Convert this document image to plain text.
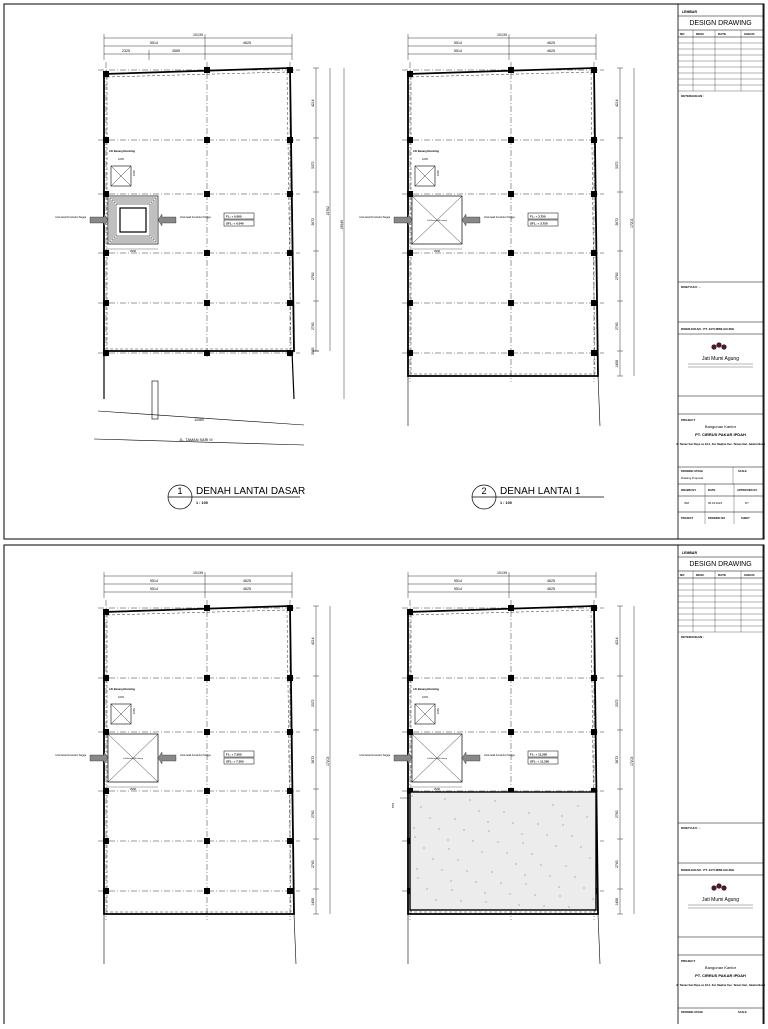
LEMBAR
DESIGN DRAWING
NO	DESC	DATE	CHECK
KETERANGAN :
DISETUJUI : -
DIKERJAKAN : PT. JATI MIMI AGUNG
Jati Mumi Agung
PROJECT
Bangunan Kantor
PT. CIRRUS PAKAR IPDAH
Jl. Taman Sari Raya no 23 A, Kel. Maphar Kec. Taman Sari, Jakarta Barat
DRAWING STAGE	SCALE
Drawing Proposal
DRAWN BY	DATE	APPROVED BY
ISM	09.03.2023	DY
PROJECT	DRAWING NO	SHEET
LEMBAR
DESIGN DRAWING
NO	DESC	DATE	CHECK
KETERANGAN :
DISETUJUI : -
DIKERJAKAN : PT. JATI MIMI AGUNG
Jati Mumi Agung
PROJECT
Bangunan Kantor
PT. CIRRUS PAKAR IPDAH
Jl. Taman Sari Raya no 23 A, Kel. Maphar Kec. Taman Sari, Jakarta Barat
DRAWING STAGE	SCALE
10139
5514	4625
2325	3589
Lift Barang Eksisting
1003
1000
2500
Lihat detail Konstruksi Tangga	Lihat detail Konstruksi Tangga	FL: + 0.000
SFL: + 0.040
4214
3372
3672
2763
2743
3983
15762
19545
10580
JL. TAMAN SARI III
10139
5514	4625
5514	4625
Lift Barang Eksisting
1003
1000
Lift Barang Eksisting
2500
Lihat detail Konstruksi Tangga	Lihat detail Konstruksi Tangga	FL: + 3.750
SFL: + 3.750
4214
3372
3672
2763
2743
1458
17203
1 DENAH LANTAI DASAR
1 : 100
2 DENAH LANTAI 1
1 : 100
10139
5514	4625
5514	4625
Lift Barang Eksisting
1003
1000
Lift Barang Eksisting
2500
Lihat detail Konstruksi Tangga	Lihat detail Konstruksi Tangga	FL: + 7.500
SFL: + 7.500
4214
3372
3672
2763
2743
1458
17203
10139
5514	4625
5514	4625
Lift Barang Eksisting
1003
1000
Lift Barang Eksisting
2500
Lihat detail Konstruksi Tangga	Lihat detail Konstruksi Tangga	FL: + 11.250
SFL: + 11.250
4214
3372
3672
2763
2743
1458
17203
878
